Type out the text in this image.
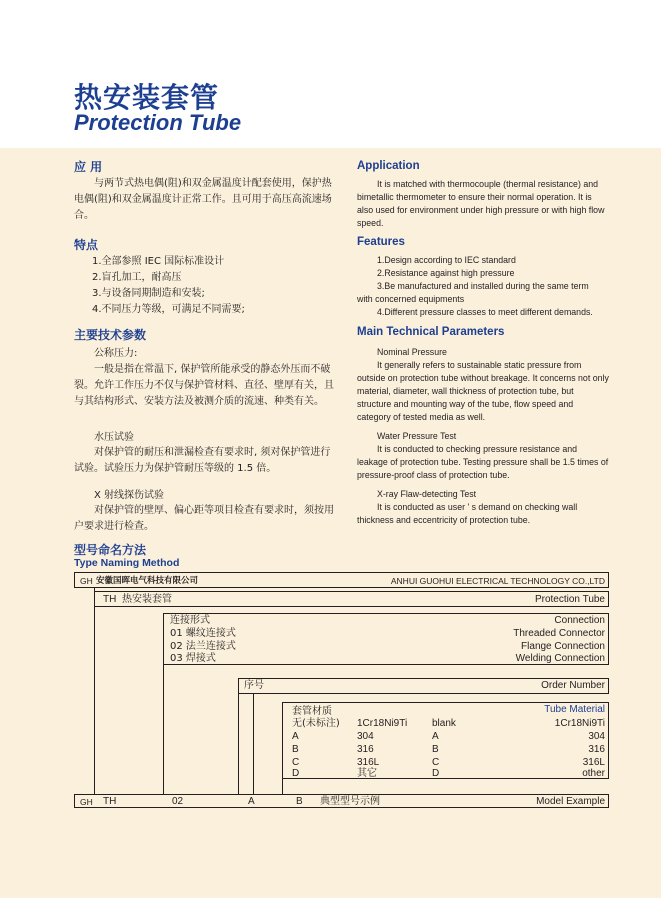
热安装套管
Protection Tube
应 用

与两节式热电偶(阻)和双金属温度计配套使用，保护热电偶(阻)和双金属温度计正常工作。且可用于高压高流速场合。

特点

1.全部参照 IEC 国际标准设计

2.盲孔加工，耐高压

3.与设备同期制造和安装;

4.不同压力等级，可满足不同需要;

主要技术参数

公称压力:

一般是指在常温下, 保护管所能承受的静态外压而不破裂。允许工作压力不仅与保护管材料、直径、壁厚有关，且与其结构形式、安装方法及被测介质的流速、种类有关。

水压试验

对保护管的耐压和泄漏检查有要求时, 须对保护管进行试验。试验压力为保护管耐压等级的 1.5 倍。

X 射线探伤试验

对保护管的壁厚、偏心距等项目检查有要求时，须按用户要求进行检查。

Application

It is matched with thermocouple (thermal resistance) and bimetallic thermometer to ensure their normal operation. It is also used for environment under high pressure or with high flow speed.

Features

1.Design according to IEC standard

2.Resistance against high pressure

3.Be manufactured and installed during the same term

with concerned equipments

4.Different pressure classes to meet different demands.

Main Technical Parameters

Nominal Pressure

It generally refers to sustainable static pressure from outside on protection tube without breakage. It concerns not only material, diameter, wall thickness of protection tube, but structure and mounting way of the tube, flow speed and category of tested media as well.

Water Pressure Test

It is conducted to checking pressure resistance and leakage of protection tube. Testing pressure shall be 1.5 times of pressure-proof class of protection tube.

X-ray Flaw-detecting Test

It is conducted as user ' s demand on checking wall thickness and eccentricity of protection tube.

型号命名方法
Type Naming Method
GH 安徽国晖电气科技有限公司	ANHUI GUOHUI ELECTRICAL TECHNOLOGY CO.,LTD
TH 热安装套管	Protection Tube
连接形式	Connection
01 螺纹连接式	Threaded Connector
02 法兰连接式	Flange Connection
03 焊接式	Welding Connection
序号	Order Number
套管材质	Tube Material
无(未标注) 1Cr18Ni9Ti blank	1Cr18Ni9Ti
A	304	A	304
B	316	B	316
C	316L	C	316L
D	其它	D	other
GH TH	02	A	B 典型型号示例	Model Example
